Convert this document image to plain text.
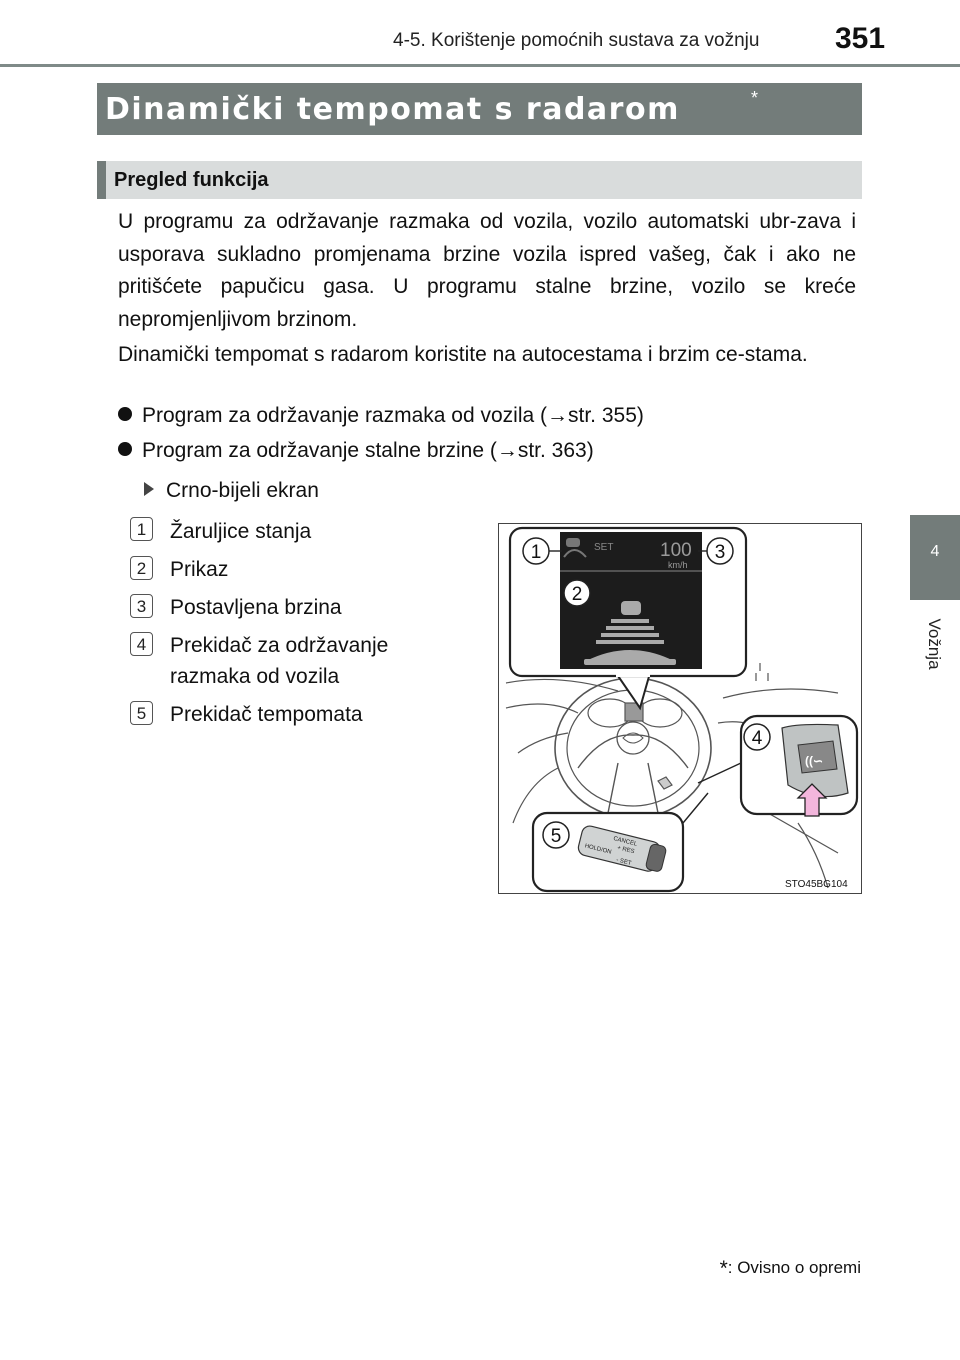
4-5. Korištenje pomoćnih sustava za vožnju	351
4
Vožnja
Dinamički tempomat s radarom	*
Pregled funkcija
U programu za održavanje razmaka od vozila, vozilo automatski ubr-zava i usporava sukladno promjenama brzine vozila ispred vašeg, čak i ako ne pritišćete papučicu gasa. U programu stalne brzine, vozilo se kreće nepromjenljivom brzinom.
Dinamički tempomat s radarom koristite na autocestama i brzim ce-stama.
Program za održavanje razmaka od vozila (→str. 355)
Program za održavanje stalne brzine (→str. 363)
Crno-bijeli ekran
1	Žaruljice stanja
2	Prikaz
3	Postavljena brzina
4	Prekidač za održavanje razmaka od vozila
5	Prekidač tempomata
((∽
CANCEL
+ RES
- SET
HOLD/ON
SET 100
km/h
1
2
3
4
5
STO45BG104
*: Ovisno o opremi
